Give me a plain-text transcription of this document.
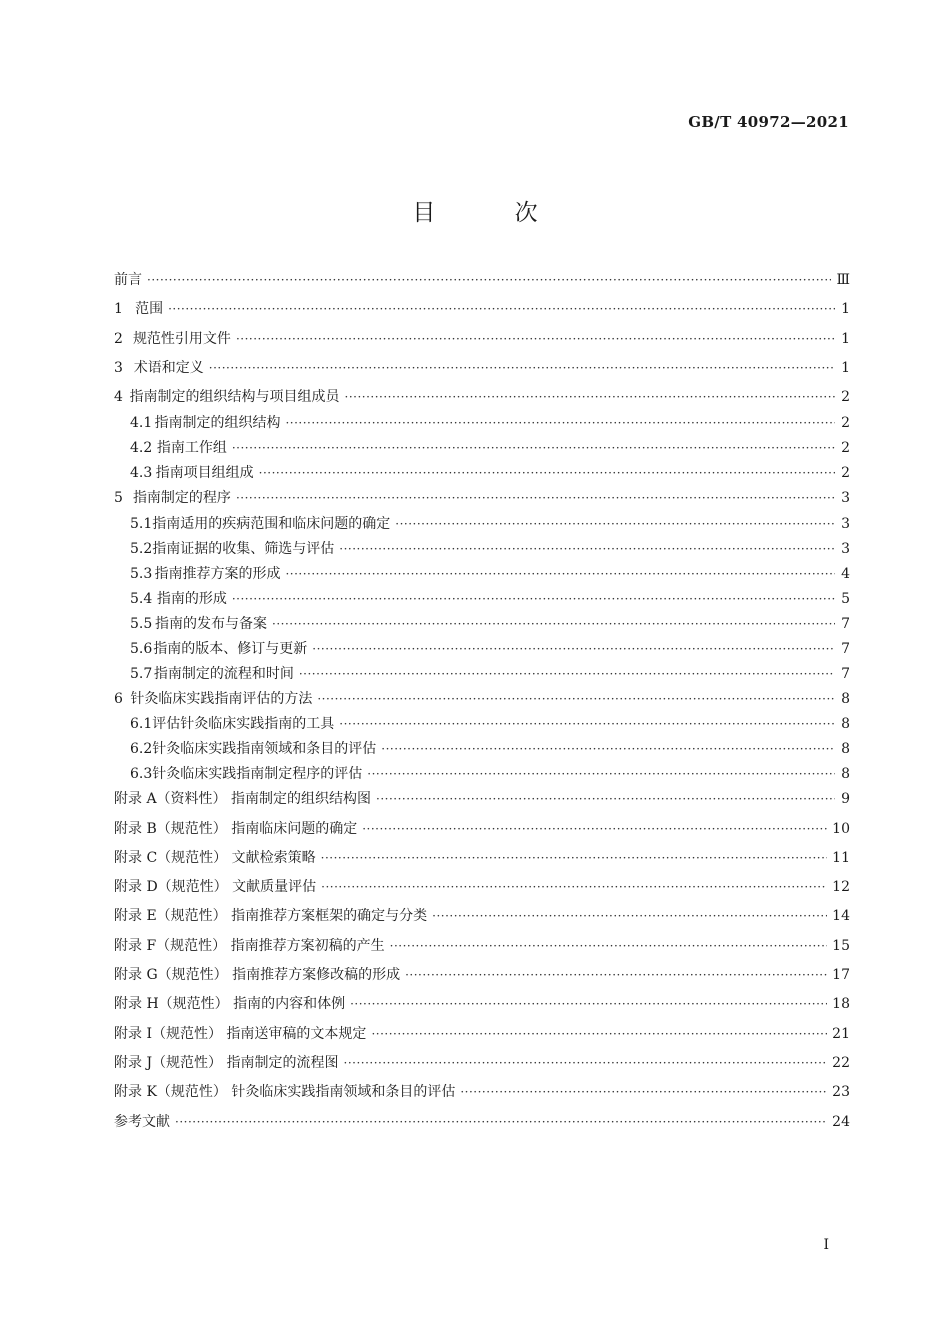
GB/T 40972—2021
目 次
前言 ·····	Ⅲ
1 范围 ·····	1
2 规范性引用文件 ·····	1
3 术语和定义 ·····	1
4 指南制定的组织结构与项目组成员 ·····	2
4.1 指南制定的组织结构 ·····	2
4.2 指南工作组 ·····	2
4.3 指南项目组组成 ·····	2
5 指南制定的程序 ·····	3
5.1 指南适用的疾病范围和临床问题的确定 ·····	3
5.2 指南证据的收集、筛选与评估 ·····	3
5.3 指南推荐方案的形成 ·····	4
5.4 指南的形成 ·····	5
5.5 指南的发布与备案 ·····	7
5.6 指南的版本、修订与更新 ·····	7
5.7 指南制定的流程和时间 ·····	7
6 针灸临床实践指南评估的方法 ·····	8
6.1 评估针灸临床实践指南的工具 ·····	8
6.2 针灸临床实践指南领域和条目的评估 ·····	8
6.3 针灸临床实践指南制定程序的评估 ·····	8
附录 A（资料性） 指南制定的组织结构图 ·····	9
附录 B（规范性） 指南临床问题的确定 ·····	10
附录 C（规范性） 文献检索策略 ·····	11
附录 D（规范性） 文献质量评估 ·····	12
附录 E（规范性） 指南推荐方案框架的确定与分类 ·····	14
附录 F（规范性） 指南推荐方案初稿的产生 ·····	15
附录 G（规范性） 指南推荐方案修改稿的形成 ·····	17
附录 H（规范性） 指南的内容和体例 ·····	18
附录 I（规范性） 指南送审稿的文本规定 ·····	21
附录 J（规范性） 指南制定的流程图 ·····	22
附录 K（规范性） 针灸临床实践指南领域和条目的评估 ·····	23
参考文献 ·····	24
I
